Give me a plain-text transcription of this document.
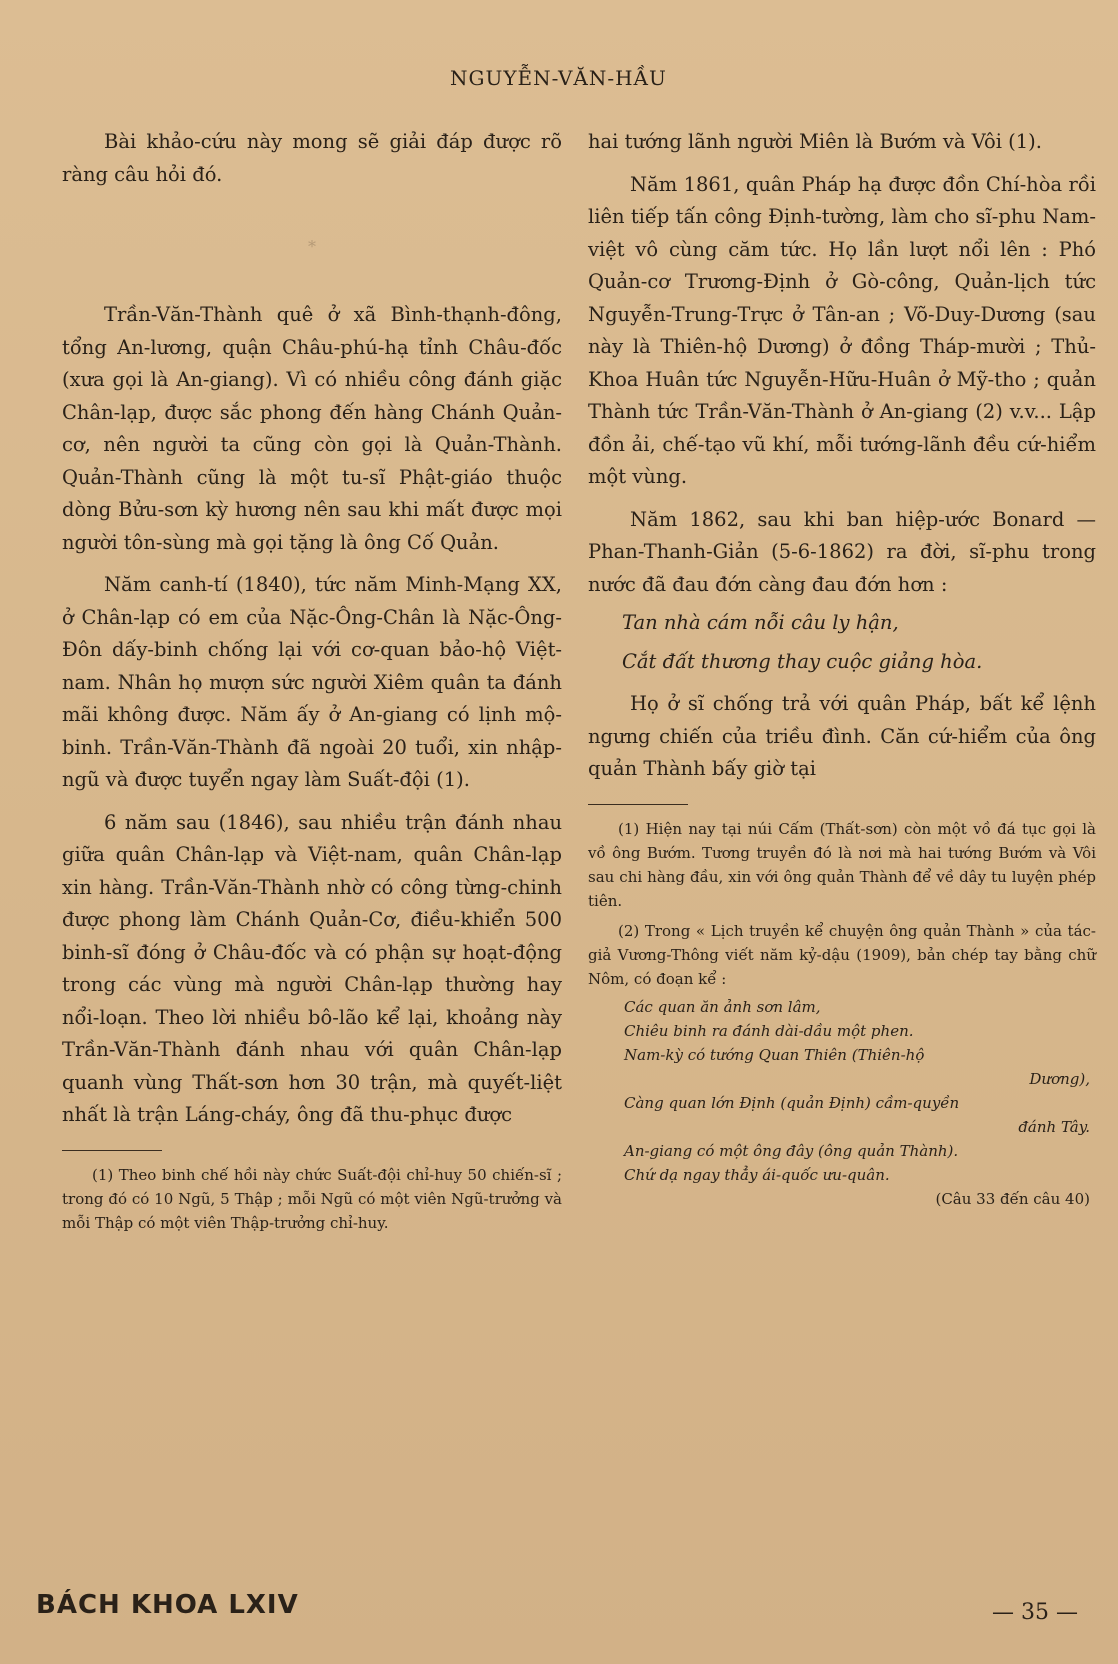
NGUYỄN-VĂN-HẦU

Bài khảo-cứu này mong sẽ giải đáp được rõ ràng câu hỏi đó.

*

Trần-Văn-Thành quê ở xã Bình-thạnh-đông, tổng An-lương, quận Châu-phú-hạ tỉnh Châu-đốc (xưa gọi là An-giang). Vì có nhiều công đánh giặc Chân-lạp, được sắc phong đến hàng Chánh Quản-cơ, nên người ta cũng còn gọi là Quản-Thành. Quản-Thành cũng là một tu-sĩ Phật-giáo thuộc dòng Bửu-sơn kỳ hương nên sau khi mất được mọi người tôn-sùng mà gọi tặng là ông Cố Quản.

Năm canh-tí (1840), tức năm Minh-Mạng XX, ở Chân-lạp có em của Nặc-Ông-Chân là Nặc-Ông-Đôn dấy-binh chống lại với cơ-quan bảo-hộ Việt-nam. Nhân họ mượn sức người Xiêm quân ta đánh mãi không được. Năm ấy ở An-giang có lịnh mộ-binh. Trần-Văn-Thành đã ngoài 20 tuổi, xin nhập-ngũ và được tuyển ngay làm Suất-đội (1).

6 năm sau (1846), sau nhiều trận đánh nhau giữa quân Chân-lạp và Việt-nam, quân Chân-lạp xin hàng. Trần-Văn-Thành nhờ có công từng-chinh được phong làm Chánh Quản-Cơ, điều-khiển 500 binh-sĩ đóng ở Châu-đốc và có phận sự hoạt-động trong các vùng mà người Chân-lạp thường hay nổi-loạn. Theo lời nhiều bô-lão kể lại, khoảng này Trần-Văn-Thành đánh nhau với quân Chân-lạp quanh vùng Thất-sơn hơn 30 trận, mà quyết-liệt nhất là trận Láng-cháy, ông đã thu-phục được

(1) Theo binh chế hồi này chức Suất-đội chỉ-huy 50 chiến-sĩ ; trong đó có 10 Ngũ, 5 Thập ; mỗi Ngũ có một viên Ngũ-trưởng và mỗi Thập có một viên Thập-trưởng chỉ-huy.

hai tướng lãnh người Miên là Bướm và Vôi (1).

Năm 1861, quân Pháp hạ được đồn Chí-hòa rồi liên tiếp tấn công Định-tường, làm cho sĩ-phu Nam-việt vô cùng căm tức. Họ lần lượt nổi lên : Phó Quản-cơ Trương-Định ở Gò-công, Quản-lịch tức Nguyễn-Trung-Trực ở Tân-an ; Võ-Duy-Dương (sau này là Thiên-hộ Dương) ở đồng Tháp-mười ; Thủ-Khoa Huân tức Nguyễn-Hữu-Huân ở Mỹ-tho ; quản Thành tức Trần-Văn-Thành ở An-giang (2) v.v... Lập đồn ải, chế-tạo vũ khí, mỗi tướng-lãnh đều cứ-hiểm một vùng.

Năm 1862, sau khi ban hiệp-ước Bonard — Phan-Thanh-Giản (5-6-1862) ra đời, sĩ-phu trong nước đã đau đớn càng đau đớn hơn :

Tan nhà cám nỗi câu ly hận,

Cắt đất thương thay cuộc giảng hòa.

Họ ở sĩ chống trả với quân Pháp, bất kể lệnh ngưng chiến của triều đình. Căn cứ-hiểm của ông quản Thành bấy giờ tại

(1) Hiện nay tại núi Cấm (Thất-sơn) còn một vồ đá tục gọi là vồ ông Bướm. Tương truyền đó là nơi mà hai tướng Bướm và Vôi sau chi hàng đầu, xin với ông quản Thành để về dây tu luyện phép tiên.

(2) Trong « Lịch truyền kể chuyện ông quản Thành » của tác-giả Vương-Thông viết năm kỷ-dậu (1909), bản chép tay bằng chữ Nôm, có đoạn kể :

Các quan ăn ảnh sơn lâm,

Chiêu binh ra đánh dài-dầu một phen.

Nam-kỳ có tướng Quan Thiên (Thiên-hộ

Dương),

Càng quan lớn Định (quản Định) cầm-quyền

đánh Tây.

An-giang có một ông đây (ông quản Thành).

Chứ dạ ngay thẳy ái-quốc ưu-quân.

(Câu 33 đến câu 40)

BÁCH KHOA LXIV	— 35 —
